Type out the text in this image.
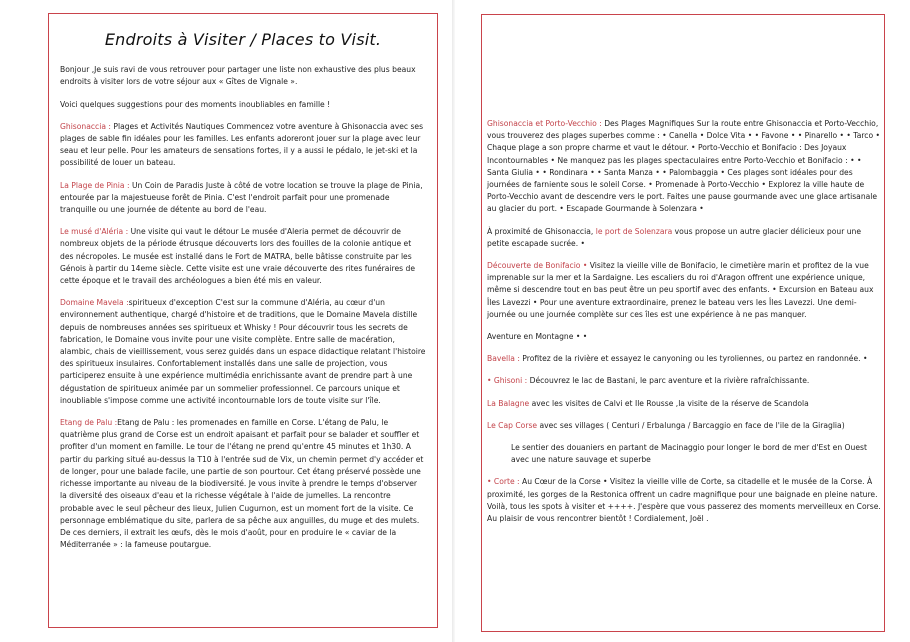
Endroits à Visiter / Places to Visit.

Bonjour ,Je suis ravi de vous retrouver pour partager une liste non exhaustive des plus beaux endroits à visiter lors de votre séjour aux « Gîtes de Vignale ».

Voici quelques suggestions pour des moments inoubliables en famille !

Ghisonaccia : Plages et Activités Nautiques Commencez votre aventure à Ghisonaccia avec ses plages de sable fin idéales pour les familles. Les enfants adoreront jouer sur la plage avec leur seau et leur pelle. Pour les amateurs de sensations fortes, il y a aussi le pédalo, le jet-ski et la possibilité de louer un bateau.

La Plage de Pinia : Un Coin de Paradis Juste à côté de votre location se trouve la plage de Pinia, entourée par la majestueuse forêt de Pinia. C'est l'endroit parfait pour une promenade tranquille ou une journée de détente au bord de l'eau.

Le musé d'Aléria : Une visite qui vaut le détour Le musée d'Aleria permet de découvrir de nombreux objets de la période étrusque découverts lors des fouilles de la colonie antique et des nécropoles. Le musée est installé dans le Fort de MATRA, belle bâtisse construite par les Génois à partir du 14eme siècle. Cette visite est une vraie découverte des rites funéraires de cette époque et le travail des archéologues a bien été mis en valeur.

Domaine Mavela :spiritueux d'exception C'est sur la commune d'Aléria, au cœur d'un environnement authentique, chargé d'histoire et de traditions, que le Domaine Mavela distille depuis de nombreuses années ses spiritueux et Whisky ! Pour découvrir tous les secrets de fabrication, le Domaine vous invite pour une visite complète. Entre salle de macération, alambic, chais de vieillissement, vous serez guidés dans un espace didactique relatant l'histoire des spiritueux insulaires. Confortablement installés dans une salle de projection, vous participerez ensuite à une expérience multimédia enrichissante avant de prendre part à une dégustation de spiritueux animée par un sommelier professionnel. Ce parcours unique et inoubliable s'impose comme une activité incontournable lors de toute visite sur l'île.

Etang de Palu :Etang de Palu : les promenades en famille en Corse. L'étang de Palu, le quatrième plus grand de Corse est un endroit apaisant et parfait pour se balader et souffler et profiter d'un moment en famille. Le tour de l'étang ne prend qu'entre 45 minutes et 1h30. A partir du parking situé au-dessus la T10 à l'entrée sud de Vix, un chemin permet d'y accéder et de longer, pour une balade facile, une partie de son pourtour. Cet étang préservé possède une richesse importante au niveau de la biodiversité. Je vous invite à prendre le temps d'observer la diversité des oiseaux d'eau et la richesse végétale à l'aide de jumelles. La rencontre probable avec le seul pêcheur des lieux, Julien Cugurnon, est un moment fort de la visite. Ce personnage emblématique du site, parlera de sa pêche aux anguilles, du muge et des mulets. De ces derniers, il extrait les œufs, dès le mois d'août, pour en produire le « caviar de la Méditerranée » : la fameuse poutargue.

Ghisonaccia et Porto-Vecchio : Des Plages Magnifiques Sur la route entre Ghisonaccia et Porto-Vecchio, vous trouverez des plages superbes comme : • Canella • Dolce Vita • • Favone • • Pinarello • • Tarco • Chaque plage a son propre charme et vaut le détour. • Porto-Vecchio et Bonifacio : Des Joyaux Incontournables • Ne manquez pas les plages spectaculaires entre Porto-Vecchio et Bonifacio : • • Santa Giulia • • Rondinara • • Santa Manza • • Palombaggia • Ces plages sont idéales pour des journées de farniente sous le soleil Corse. • Promenade à Porto-Vecchio • Explorez la ville haute de Porto-Vecchio avant de descendre vers le port. Faites une pause gourmande avec une glace artisanale au glacier du port. • Escapade Gourmande à Solenzara •

À proximité de Ghisonaccia, le port de Solenzara vous propose un autre glacier délicieux pour une petite escapade sucrée. •

Découverte de Bonifacio • Visitez la vieille ville de Bonifacio, le cimetière marin et profitez de la vue imprenable sur la mer et la Sardaigne. Les escaliers du roi d'Aragon offrent une expérience unique, même si descendre tout en bas peut être un peu sportif avec des enfants. • Excursion en Bateau aux Îles Lavezzi • Pour une aventure extraordinaire, prenez le bateau vers les Îles Lavezzi. Une demi-journée ou une journée complète sur ces îles est une expérience à ne pas manquer.

Aventure en Montagne • •

Bavella : Profitez de la rivière et essayez le canyoning ou les tyroliennes, ou partez en randonnée. •

• Ghisoni : Découvrez le lac de Bastani, le parc aventure et la rivière rafraîchissante.

La Balagne avec les visites de Calvi et Ile Rousse ,la visite de la réserve de Scandola

Le Cap Corse avec ses villages ( Centuri / Erbalunga / Barcaggio en face de l'ile de la Giraglia)

Le sentier des douaniers en partant de Macinaggio pour longer le bord de mer d'Est en Ouest avec une nature sauvage et superbe

• Corte : Au Cœur de la Corse • Visitez la vieille ville de Corte, sa citadelle et le musée de la Corse. À proximité, les gorges de la Restonica offrent un cadre magnifique pour une baignade en pleine nature. Voilà, tous les spots à visiter et ++++. J'espère que vous passerez des moments merveilleux en Corse. Au plaisir de vous rencontrer bientôt ! Cordialement, Joël .
